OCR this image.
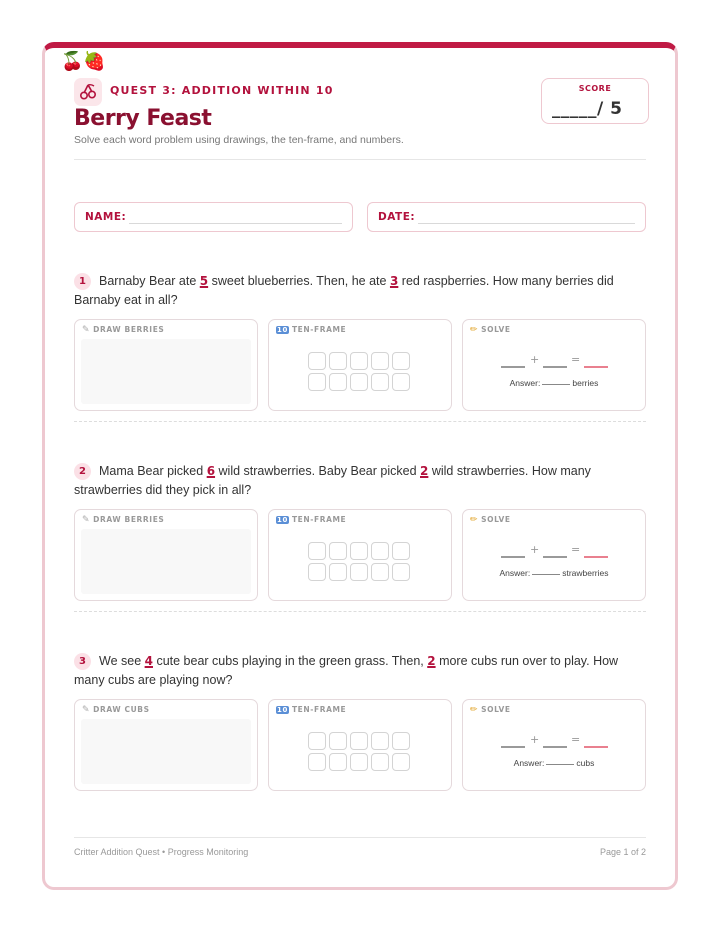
🍒🍓
QUEST 3: ADDITION WITHIN 10
Berry Feast
Solve each word problem using drawings, the ten-frame, and numbers.
SCORE
_____/ 5
NAME:	DATE:
1 Barnaby Bear ate 5 sweet blueberries. Then, he ate 3 red raspberries. How many berries did Barnaby eat in all?
✎ DRAW BERRIES	10 TEN-FRAME	✏ SOLVE
+	=
Answer:	berries
2 Mama Bear picked 6 wild strawberries. Baby Bear picked 2 wild strawberries. How many strawberries did they pick in all?
✎ DRAW BERRIES	10 TEN-FRAME	✏ SOLVE
+	=
Answer:	strawberries
3 We see 4 cute bear cubs playing in the green grass. Then, 2 more cubs run over to play. How many cubs are playing now?
✎ DRAW CUBS	10 TEN-FRAME	✏ SOLVE
+	=
Answer:	cubs
Critter Addition Quest • Progress Monitoring	Page 1 of 2
